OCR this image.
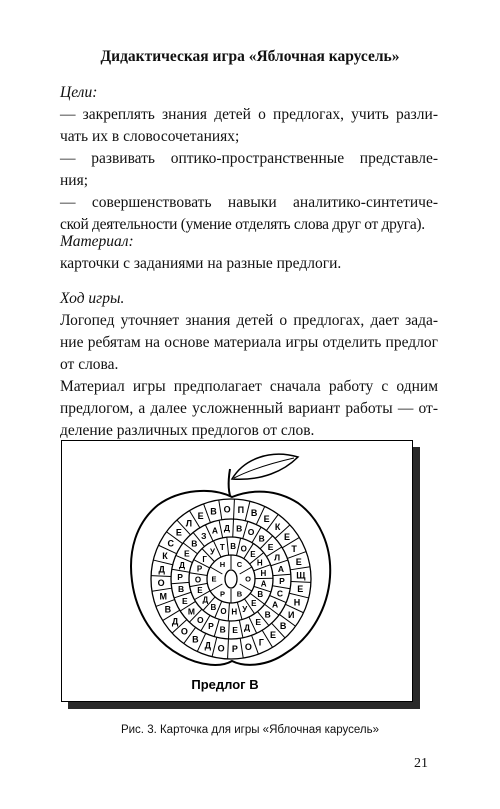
Дидактическая игра «Яблочная карусель»
Цели:
— закреплять знания детей о предлогах, учить разли-
чать их в словосочетаниях;
— развивать оптико-пространственные представле-
ния;
— совершенствовать навыки аналитико-синтетиче-
ской деятельности (умение отделять слова друг от друга).
Материал:
карточки с заданиями на разные предлоги.
Ход игры.
Логопед уточняет знания детей о предлогах, дает зада-
ние ребятам на основе материала игры отделить предлог
от слова.
Материал игры предполагает сначала работу с одним
предлогом, а далее усложненный вариант работы — от-
деление различных предлогов от слов.
В О П В
Е
К
Е
Т
Е
Щ
Е
Н
И
В
Е
Г
О
Р
О
Д
В
О
Д
В
М
О
Д
К
С
Е
Л
Е
Д В О
В
Е
Л
А
Р
С
А
В
Е
Д
Е
В
Р
О
М
Е
В
Р
Д
Е
В
З
А
В О
Е
Н
Н
А
В
Е
У
Н
О
В
Д
Е
О
Р
Г
У
Т
С
О
В
Р
Е
Н
Предлог В
Рис. 3. Карточка для игры «Яблочная карусель»
21
